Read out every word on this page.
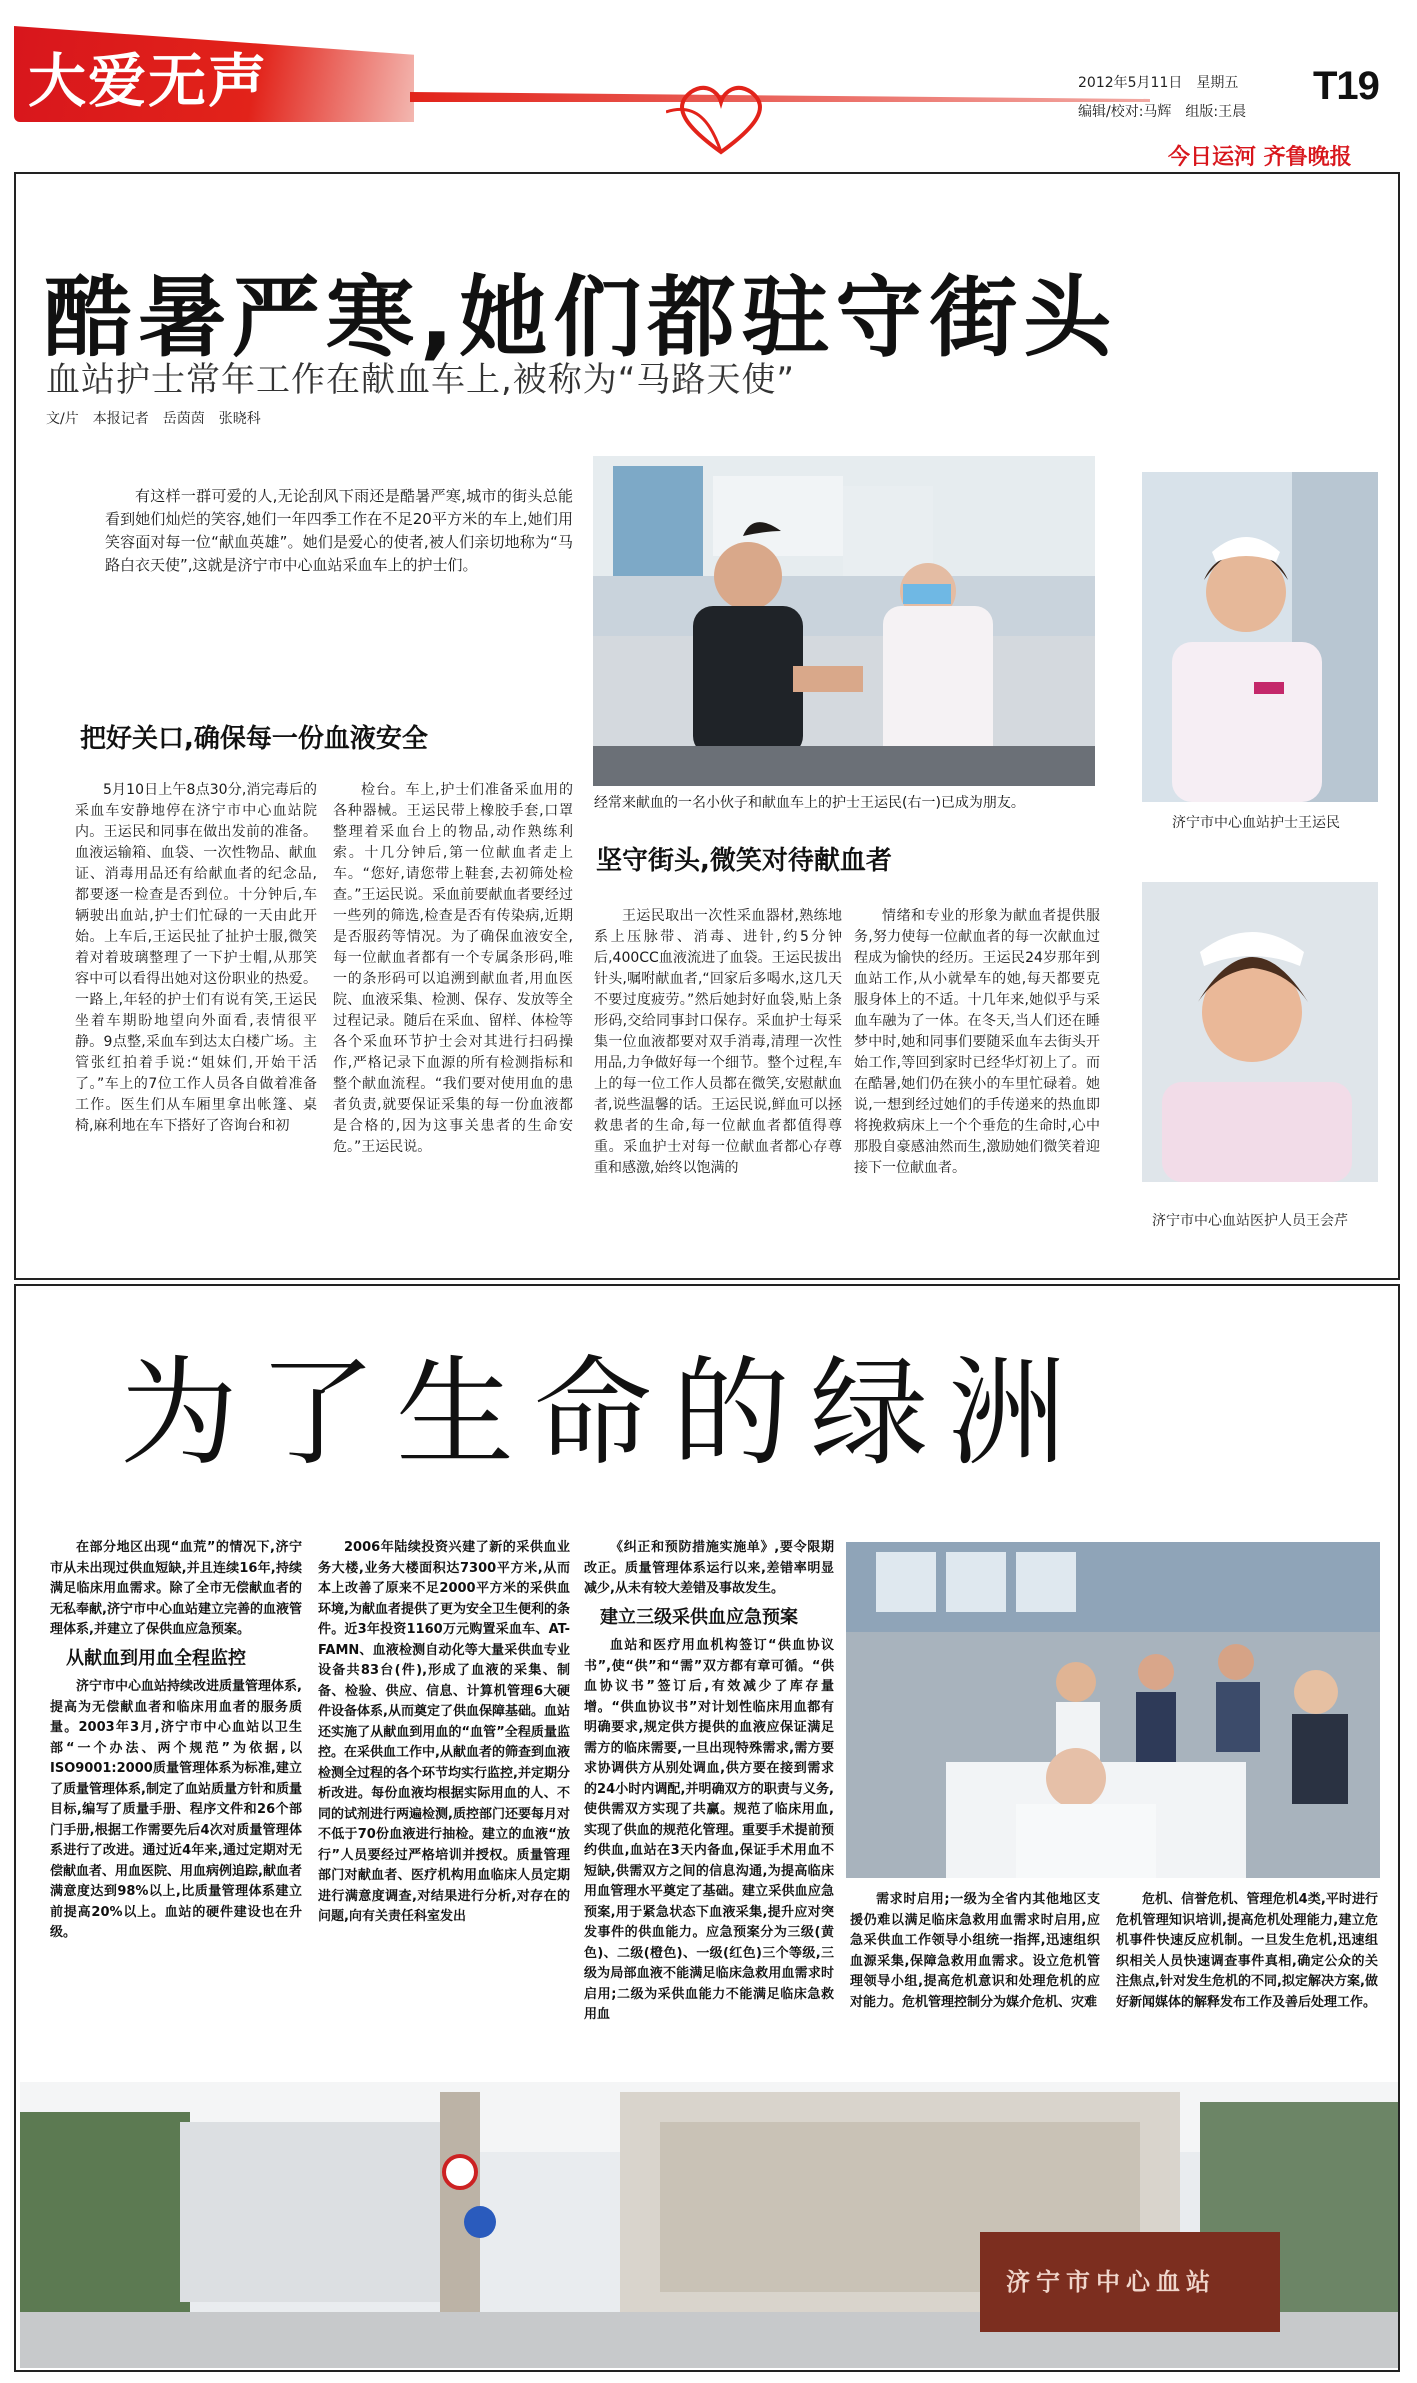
大爱无声
国际护士节・特刊
2012年5月11日　星期五 T19
编辑/校对:马辉　组版:王晨
今日运河 齐鲁晚报
酷暑严寒,她们都驻守街头
血站护士常年工作在献血车上,被称为“马路天使”
文/片　本报记者　岳茵茵　张晓科

有这样一群可爱的人,无论刮风下雨还是酷暑严寒,城市的街头总能看到她们灿烂的笑容,她们一年四季工作在不足20平方米的车上,她们用笑容面对每一位“献血英雄”。她们是爱心的使者,被人们亲切地称为“马路白衣天使”,这就是济宁市中心血站采血车上的护士们。

把好关口,确保每一份血液安全

5月10日上午8点30分,消完毒后的采血车安静地停在济宁市中心血站院内。王运民和同事在做出发前的准备。血液运输箱、血袋、一次性物品、献血证、消毒用品还有给献血者的纪念品,都要逐一检查是否到位。十分钟后,车辆驶出血站,护士们忙碌的一天由此开始。上车后,王运民扯了扯护士服,微笑着对着玻璃整理了一下护士帽,从那笑容中可以看得出她对这份职业的热爱。一路上,年轻的护士们有说有笑,王运民坐着车期盼地望向外面看,表情很平静。9点整,采血车到达太白楼广场。主管张红拍着手说:“姐妹们,开始干活了。”车上的7位工作人员各自做着准备工作。医生们从车厢里拿出帐篷、桌椅,麻利地在车下搭好了咨询台和初

检台。车上,护士们准备采血用的各种器械。王运民带上橡胶手套,口罩整理着采血台上的物品,动作熟练利索。十几分钟后,第一位献血者走上车。“您好,请您带上鞋套,去初筛处检查。”王运民说。采血前要献血者要经过一些列的筛选,检查是否有传染病,近期是否服药等情况。为了确保血液安全,每一位献血者都有一个专属条形码,唯一的条形码可以追溯到献血者,用血医院、血液采集、检测、保存、发放等全过程记录。随后在采血、留样、体检等各个采血环节护士会对其进行扫码操作,严格记录下血源的所有检测指标和整个献血流程。“我们要对使用血的患者负责,就要保证采集的每一份血液都是合格的,因为这事关患者的生命安危。”王运民说。

经常来献血的一名小伙子和献血车上的护士王运民(右一)已成为朋友。
坚守街头,微笑对待献血者

王运民取出一次性采血器材,熟练地系上压脉带、消毒、进针,约5分钟后,400CC血液流进了血袋。王运民拔出针头,嘱咐献血者,“回家后多喝水,这几天不要过度疲劳。”然后她封好血袋,贴上条形码,交给同事封口保存。采血护士每采集一位血液都要对双手消毒,清理一次性用品,力争做好每一个细节。整个过程,车上的每一位工作人员都在微笑,安慰献血者,说些温馨的话。王运民说,鲜血可以拯救患者的生命,每一位献血者都值得尊重。采血护士对每一位献血者都心存尊重和感激,始终以饱满的

情绪和专业的形象为献血者提供服务,努力使每一位献血者的每一次献血过程成为愉快的经历。王运民24岁那年到血站工作,从小就晕车的她,每天都要克服身体上的不适。十几年来,她似乎与采血车融为了一体。在冬天,当人们还在睡梦中时,她和同事们要随采血车去街头开始工作,等回到家时已经华灯初上了。而在酷暑,她们仍在狭小的车里忙碌着。她说,一想到经过她们的手传递来的热血即将挽救病床上一个个垂危的生命时,心中那股自豪感油然而生,激励她们微笑着迎接下一位献血者。

济宁市中心血站护士王运民
济宁市中心血站医护人员王会芹
为了生命的绿洲

在部分地区出现“血荒”的情况下,济宁市从未出现过供血短缺,并且连续16年,持续满足临床用血需求。除了全市无偿献血者的无私奉献,济宁市中心血站建立完善的血液管理体系,并建立了保供血应急预案。

从献血到用血全程监控

济宁市中心血站持续改进质量管理体系,提高为无偿献血者和临床用血者的服务质量。2003年3月,济宁市中心血站以卫生部“一个办法、两个规范”为依据,以ISO9001:2000质量管理体系为标准,建立了质量管理体系,制定了血站质量方针和质量目标,编写了质量手册、程序文件和26个部门手册,根据工作需要先后4次对质量管理体系进行了改进。通过近4年来,通过定期对无偿献血者、用血医院、用血病例追踪,献血者满意度达到98%以上,比质量管理体系建立前提高20%以上。血站的硬件建设也在升级。

2006年陆续投资兴建了新的采供血业务大楼,业务大楼面积达7300平方米,从而本上改善了原来不足2000平方米的采供血环境,为献血者提供了更为安全卫生便利的条件。近3年投资1160万元购置采血车、AT-FAMN、血液检测自动化等大量采供血专业设备共83台(件),形成了血液的采集、制备、检验、供应、信息、计算机管理6大硬件设备体系,从而奠定了供血保障基础。血站还实施了从献血到用血的“血管”全程质量监控。在采供血工作中,从献血者的筛查到血液检测全过程的各个环节均实行监控,并定期分析改进。每份血液均根据实际用血的人、不同的试剂进行两遍检测,质控部门还要每月对不低于70份血液进行抽检。建立的血液“放行”人员要经过严格培训并授权。质量管理部门对献血者、医疗机构用血临床人员定期进行满意度调查,对结果进行分析,对存在的问题,向有关责任科室发出

《纠正和预防措施实施单》,要令限期改正。质量管理体系运行以来,差错率明显减少,从未有较大差错及事故发生。

建立三级采供血应急预案

血站和医疗用血机构签订“供血协议书”,使“供”和“需”双方都有章可循。“供血协议书”签订后,有效减少了库存量增。“供血协议书”对计划性临床用血都有明确要求,规定供方提供的血液应保证满足需方的临床需要,一旦出现特殊需求,需方要求协调供方从别处调血,供方要在接到需求的24小时内调配,并明确双方的职责与义务,使供需双方实现了共赢。规范了临床用血,实现了供血的规范化管理。重要手术提前预约供血,血站在3天内备血,保证手术用血不短缺,供需双方之间的信息沟通,为提高临床用血管理水平奠定了基础。建立采供血应急预案,用于紧急状态下血液采集,提升应对突发事件的供血能力。应急预案分为三级(黄色)、二级(橙色)、一级(红色)三个等级,三级为局部血液不能满足临床急救用血需求时启用;二级为采供血能力不能满足临床急救用血

需求时启用;一级为全省内其他地区支援仍难以满足临床急救用血需求时启用,应急采供血工作领导小组统一指挥,迅速组织血源采集,保障急救用血需求。设立危机管理领导小组,提高危机意识和处理危机的应对能力。危机管理控制分为媒介危机、灾难

危机、信誉危机、管理危机4类,平时进行危机管理知识培训,提高危机处理能力,建立危机事件快速反应机制。一旦发生危机,迅速组织相关人员快速调查事件真相,确定公众的关注焦点,针对发生危机的不同,拟定解决方案,做好新闻媒体的解释发布工作及善后处理工作。

济宁市中心血站
